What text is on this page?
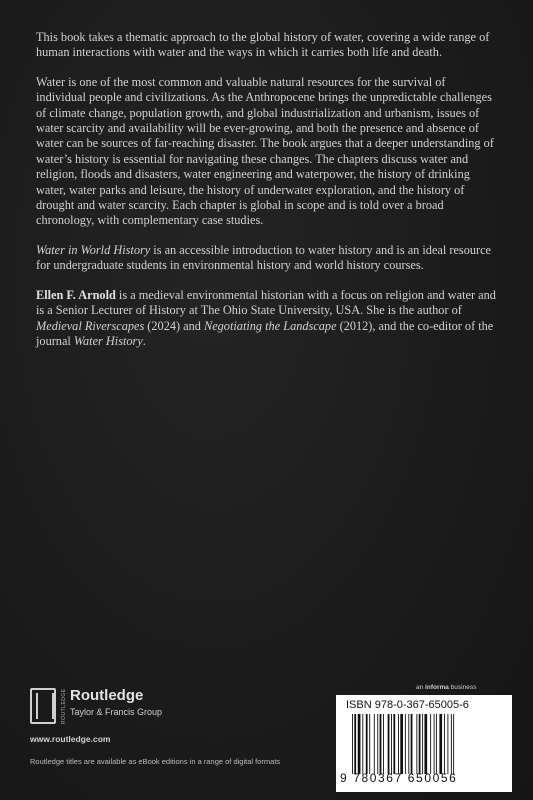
This book takes a thematic approach to the global history of water, covering a wide range of human interactions with water and the ways in which it carries both life and death.

Water is one of the most common and valuable natural resources for the survival of individual people and civilizations. As the Anthropocene brings the unpredictable challenges of climate change, population growth, and global industrialization and urbanism, issues of water scarcity and availability will be ever-growing, and both the presence and absence of water can be sources of far-reaching disaster. The book argues that a deeper understanding of water’s history is essential for navigating these changes. The chapters discuss water and religion, floods and disasters, water engineering and waterpower, the history of drinking water, water parks and leisure, the history of underwater exploration, and the history of drought and water scarcity. Each chapter is global in scope and is told over a broad chronology, with complementary case studies.

Water in World History is an accessible introduction to water history and is an ideal resource for undergraduate students in environmental history and world history courses.

Ellen F. Arnold is a medieval environmental historian with a focus on religion and water and is a Senior Lecturer of History at The Ohio State University, USA. She is the author of Medieval Riverscapes (2024) and Negotiating the Landscape (2012), and the co-editor of the journal Water History.

ROUTLEDGE Routledge
Taylor & Francis Group
www.routledge.com
Routledge titles are available as eBook editions in a range of digital formats
an informa business
ISBN 978-0-367-65005-6
9 780367 650056
